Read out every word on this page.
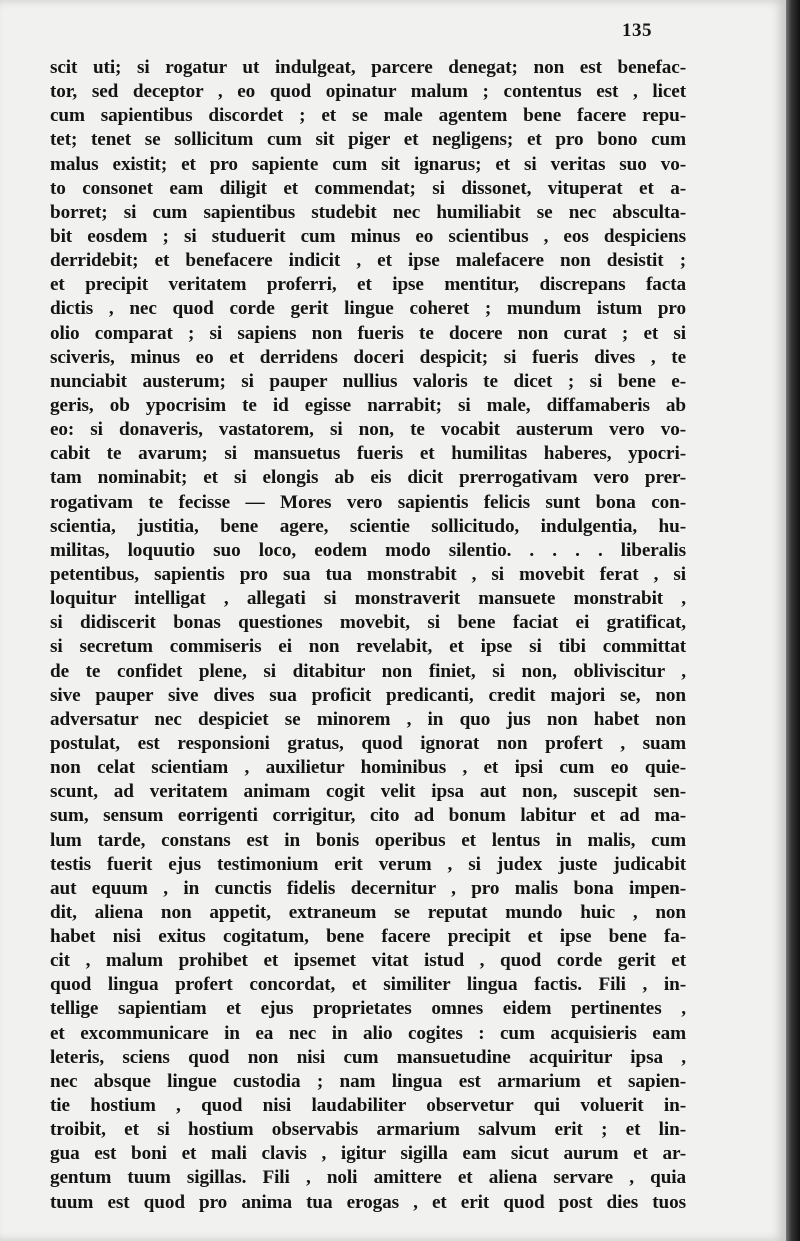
135
scit uti; si rogatur ut indulgeat, parcere denegat; non est benefac-
tor, sed deceptor , eo quod opinatur malum ; contentus est , licet
cum sapientibus discordet ; et se male agentem bene facere repu-
tet; tenet se sollicitum cum sit piger et negligens; et pro bono cum
malus existit; et pro sapiente cum sit ignarus; et si veritas suo vo-
to consonet eam diligit et commendat; si dissonet, vituperat et a-
borret; si cum sapientibus studebit nec humiliabit se nec absculta-
bit eosdem ; si studuerit cum minus eo scientibus , eos despiciens
derridebit; et benefacere indicit , et ipse malefacere non desistit ;
et precipit veritatem proferri, et ipse mentitur, discrepans facta
dictis , nec quod corde gerit lingue coheret ; mundum istum pro
olio comparat ; si sapiens non fueris te docere non curat ; et si
sciveris, minus eo et derridens doceri despicit; si fueris dives , te
nunciabit austerum; si pauper nullius valoris te dicet ; si bene e-
geris, ob ypocrisim te id egisse narrabit; si male, diffamaberis ab
eo: si donaveris, vastatorem, si non, te vocabit austerum vero vo-
cabit te avarum; si mansuetus fueris et humilitas haberes, ypocri-
tam nominabit; et si elongis ab eis dicit prerrogativam vero prer-
rogativam te fecisse — Mores vero sapientis felicis sunt bona con-
scientia, justitia, bene agere, scientie sollicitudo, indulgentia, hu-
militas, loquutio suo loco, eodem modo silentio. . . . . liberalis
petentibus, sapientis pro sua tua monstrabit , si movebit ferat , si
loquitur intelligat , allegati si monstraverit mansuete monstrabit ,
si didiscerit bonas questiones movebit, si bene faciat ei gratificat,
si secretum commiseris ei non revelabit, et ipse si tibi committat
de te confidet plene, si ditabitur non finiet, si non, obliviscitur ,
sive pauper sive dives sua proficit predicanti, credit majori se, non
adversatur nec despiciet se minorem , in quo jus non habet non
postulat, est responsioni gratus, quod ignorat non profert , suam
non celat scientiam , auxilietur hominibus , et ipsi cum eo quie-
scunt, ad veritatem animam cogit velit ipsa aut non, suscepit sen-
sum, sensum eorrigenti corrigitur, cito ad bonum labitur et ad ma-
lum tarde, constans est in bonis operibus et lentus in malis, cum
testis fuerit ejus testimonium erit verum , si judex juste judicabit
aut equum , in cunctis fidelis decernitur , pro malis bona impen-
dit, aliena non appetit, extraneum se reputat mundo huic , non
habet nisi exitus cogitatum, bene facere precipit et ipse bene fa-
cit , malum prohibet et ipsemet vitat istud , quod corde gerit et
quod lingua profert concordat, et similiter lingua factis. Fili , in-
tellige sapientiam et ejus proprietates omnes eidem pertinentes ,
et excommunicare in ea nec in alio cogites : cum acquisieris eam
leteris, sciens quod non nisi cum mansuetudine acquiritur ipsa ,
nec absque lingue custodia ; nam lingua est armarium et sapien-
tie hostium , quod nisi laudabiliter observetur qui voluerit in-
troibit, et si hostium observabis armarium salvum erit ; et lin-
gua est boni et mali clavis , igitur sigilla eam sicut aurum et ar-
gentum tuum sigillas. Fili , noli amittere et aliena servare , quia
tuum est quod pro anima tua erogas , et erit quod post dies tuos
